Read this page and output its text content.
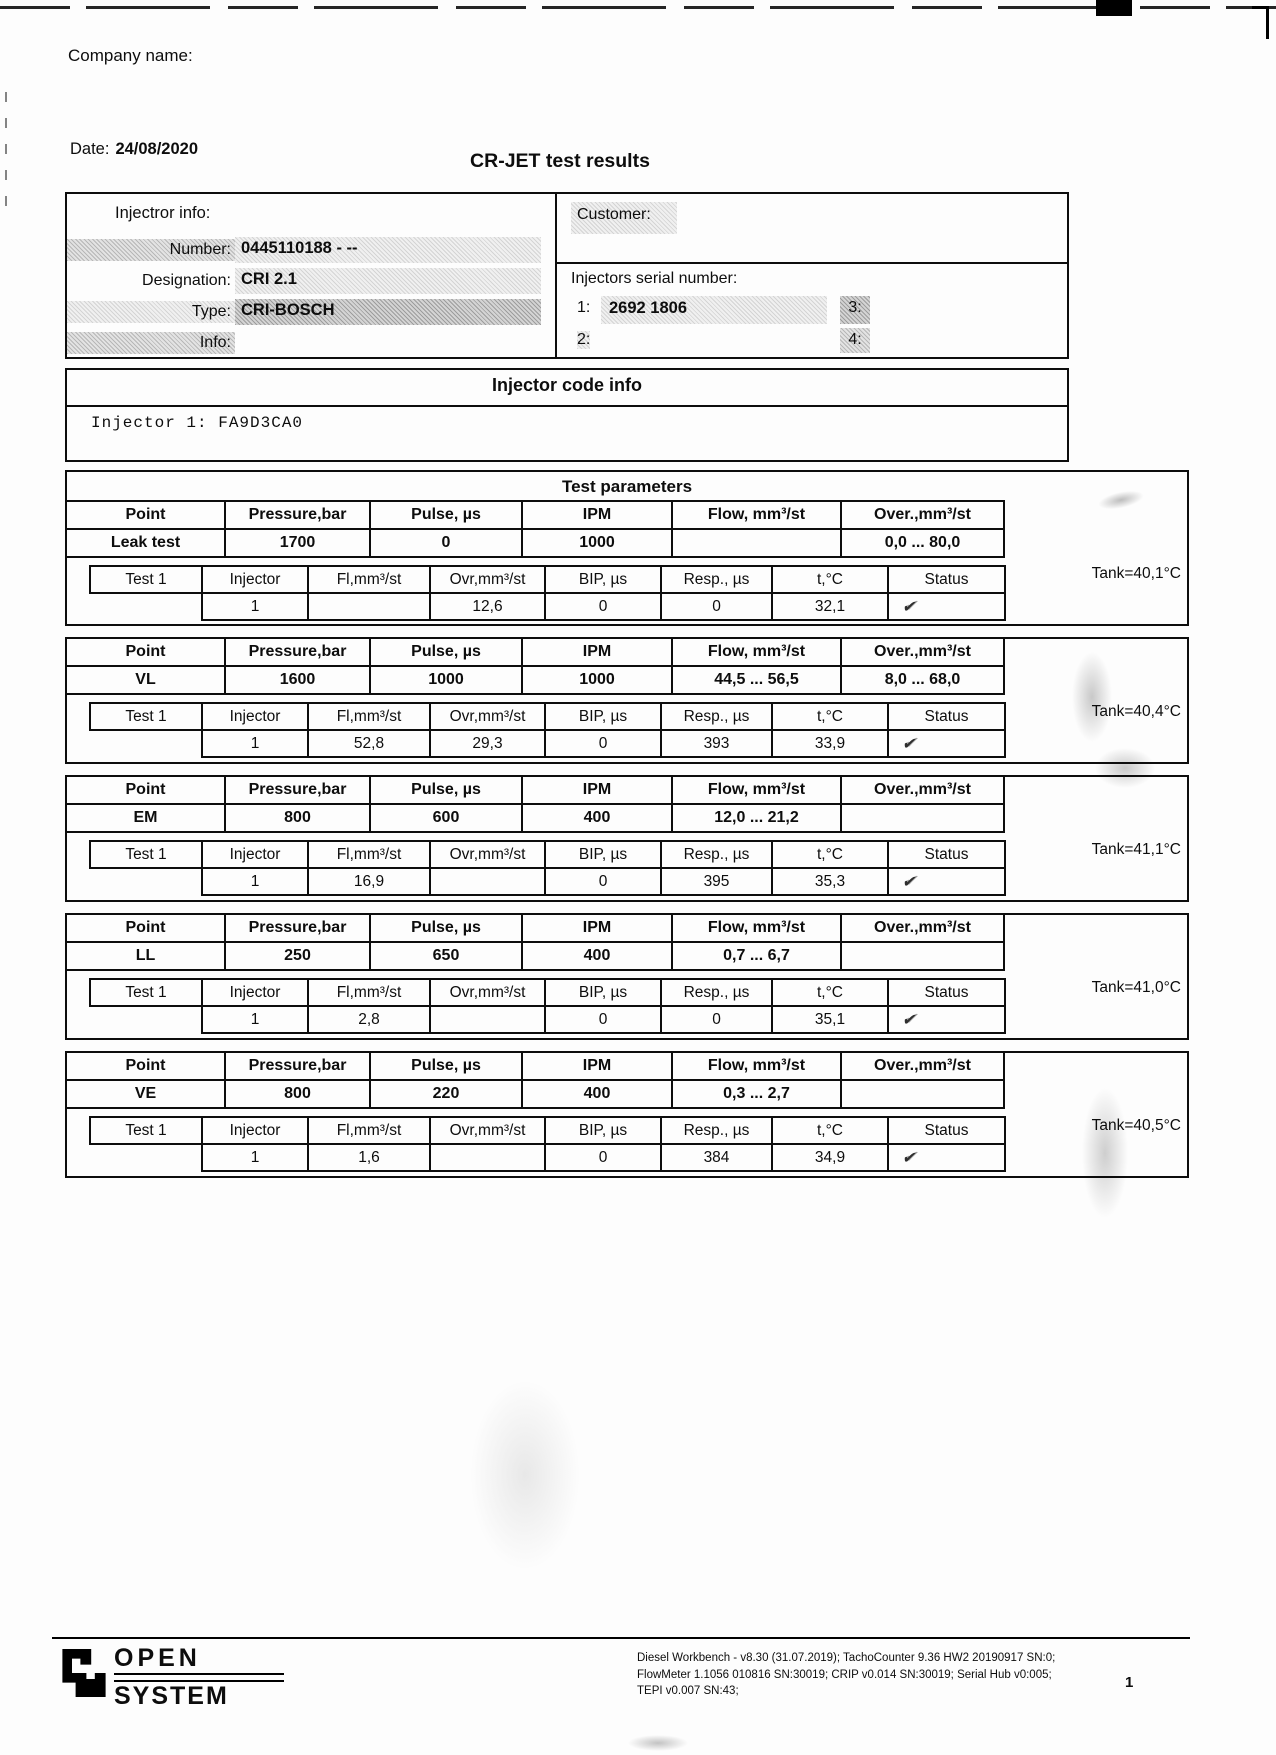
Company name:
Date: 24/08/2020
CR-JET test results
Injectror info:
Number: 0445110188 - --
Designation: CRI 2.1
Type: CRI-BOSCH
Info:
Customer:
Injectors serial number:
1:	2692 1806	3:
2:	4:
Injector code info
Injector 1: FA9D3CA0
Test parameters
Point	Pressure,bar	Pulse, µs	IPM	Flow, mm³/st	Over.,mm³/st
Leak test	1700	0	1000		0,0 ... 80,0
Test 1	Injector	Fl,mm³/st	Ovr,mm³/st	BIP, µs	Resp., µs	t,°C	Status
	1		12,6	0	0	32,1	✔
Tank=40,1°C
Point	Pressure,bar	Pulse, µs	IPM	Flow, mm³/st	Over.,mm³/st
VL	1600	1000	1000	44,5 ... 56,5	8,0 ... 68,0
Test 1	Injector	Fl,mm³/st	Ovr,mm³/st	BIP, µs	Resp., µs	t,°C	Status
	1	52,8	29,3	0	393	33,9	✔
Tank=40,4°C
Point	Pressure,bar	Pulse, µs	IPM	Flow, mm³/st	Over.,mm³/st
EM	800	600	400	12,0 ... 21,2	
Test 1	Injector	Fl,mm³/st	Ovr,mm³/st	BIP, µs	Resp., µs	t,°C	Status
	1	16,9		0	395	35,3	✔
Tank=41,1°C
Point	Pressure,bar	Pulse, µs	IPM	Flow, mm³/st	Over.,mm³/st
LL	250	650	400	0,7 ... 6,7	
Test 1	Injector	Fl,mm³/st	Ovr,mm³/st	BIP, µs	Resp., µs	t,°C	Status
	1	2,8		0	0	35,1	✔
Tank=41,0°C
Point	Pressure,bar	Pulse, µs	IPM	Flow, mm³/st	Over.,mm³/st
VE	800	220	400	0,3 ... 2,7	
Test 1	Injector	Fl,mm³/st	Ovr,mm³/st	BIP, µs	Resp., µs	t,°C	Status
	1	1,6		0	384	34,9	✔
Tank=40,5°C
OPEN
SYSTEM
Diesel Workbench - v8.30 (31.07.2019); TachoCounter 9.36 HW2 20190917 SN:0;
FlowMeter 1.1056 010816 SN:30019; CRIP v0.014 SN:30019; Serial Hub v0:005;
TEPI v0.007 SN:43;
1
